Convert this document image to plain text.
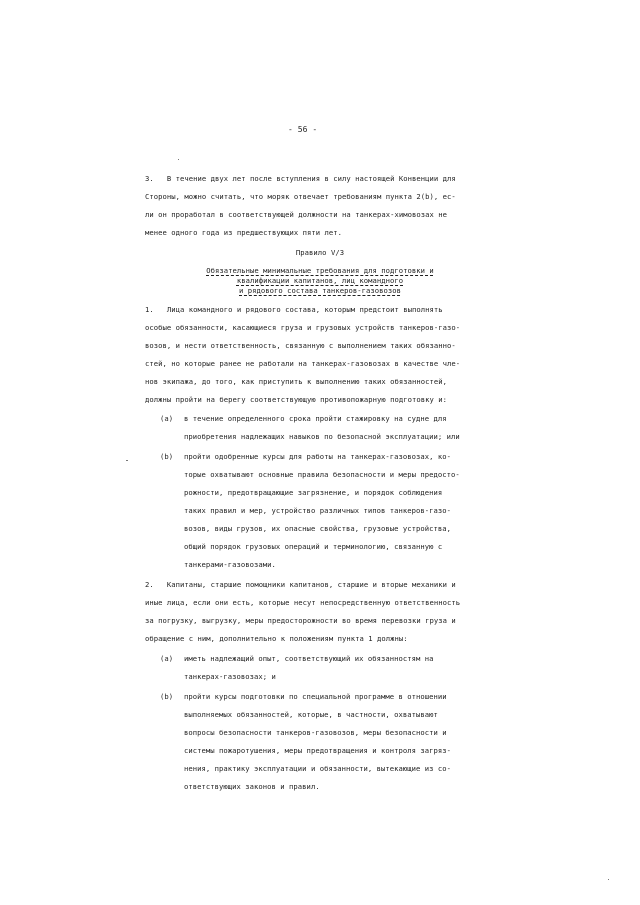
- 56 -
3.   В течение двух лет после вступления в силу настоящей Конвенции для
Стороны, можно считать, что моряк отвечает требованиям пункта 2(b), ес-
ли он проработал в соответствующей должности на танкерах-химовозах не
менее одного года из предшествующих пяти лет.
Правило V/3
Обязательные минимальные требования для подготовки и
квалификации капитанов, лиц командного
и рядового состава танкеров-газовозов
1.   Лица командного и рядового состава, которым предстоит выполнять
особые обязанности, касающиеся груза и грузовых устройств танкеров-газо-
возов, и нести ответственность, связанную с выполнением таких обязанно-
стей, но которые ранее не работали на танкерах-газовозах в качестве чле-
нов экипажа, до того, как приступить к выполнению таких обязанностей,
должны пройти на берегу соответствующую противопожарную подготовку и:
(a) в течение определенного срока пройти стажировку на судне для
приобретения надлежащих навыков по безопасной эксплуатации; или
(b) пройти одобренные курсы для работы на танкерах-газовозах, ко-
торые охватывают основные правила безопасности и меры предосто-
рожности, предотвращающие загрязнение, и порядок соблюдения
таких правил и мер, устройство различных типов танкеров-газо-
возов, виды грузов, их опасные свойства, грузовые устройства,
общий порядок грузовых операций и терминологию, связанную с
танкерами-газовозами.
2.   Капитаны, старшие помощники капитанов, старшие и вторые механики и
иные лица, если они есть, которые несут непосредственную ответственность
за погрузку, выгрузку, меры предосторожности во время перевозки груза и
обращение с ним, дополнительно к положениям пункта 1 должны:
(a) иметь надлежащий опыт, соответствующий их обязанностям на
танкерах-газовозах; и
(b) пройти курсы подготовки по специальной программе в отношении
выполняемых обязанностей, которые, в частности, охватывают
вопросы безопасности танкеров-газовозов, меры безопасности и
системы пожаротушения, меры предотвращения и контроля загряз-
нения, практику эксплуатации и обязанности, вытекающие из со-
ответствующих законов и правил.
